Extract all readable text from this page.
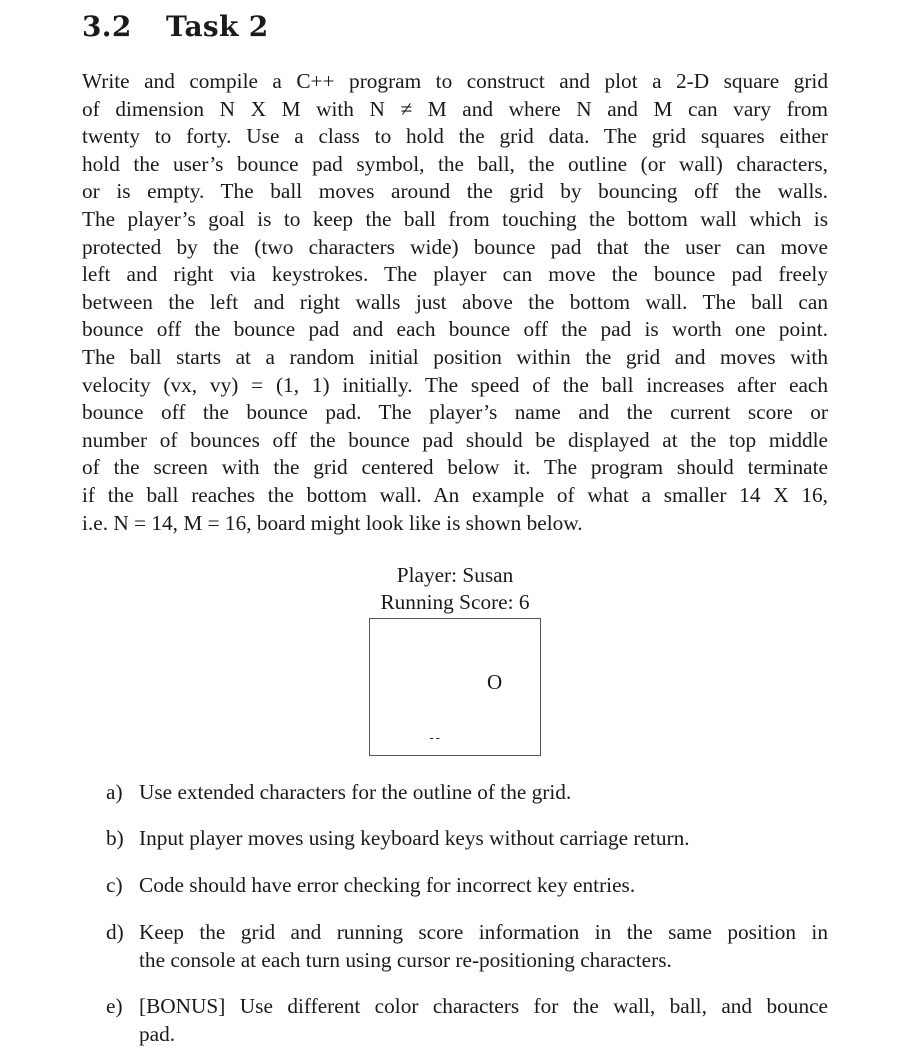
3.2 Task 2
Write and compile a C++ program to construct and plot a 2-D square grid
of dimension N X M with N ≠ M and where N and M can vary from
twenty to forty. Use a class to hold the grid data. The grid squares either
hold the user’s bounce pad symbol, the ball, the outline (or wall) characters,
or is empty. The ball moves around the grid by bouncing off the walls.
The player’s goal is to keep the ball from touching the bottom wall which is
protected by the (two characters wide) bounce pad that the user can move
left and right via keystrokes. The player can move the bounce pad freely
between the left and right walls just above the bottom wall. The ball can
bounce off the bounce pad and each bounce off the pad is worth one point.
The ball starts at a random initial position within the grid and moves with
velocity (vx, vy) = (1, 1) initially. The speed of the ball increases after each
bounce off the bounce pad. The player’s name and the current score or
number of bounces off the bounce pad should be displayed at the top middle
of the screen with the grid centered below it. The program should terminate
if the ball reaches the bottom wall. An example of what a smaller 14 X 16,
i.e. N = 14, M = 16, board might look like is shown below.
Player: Susan
Running Score: 6
O
--
a) Use extended characters for the outline of the grid.
b) Input player moves using keyboard keys without carriage return.
c) Code should have error checking for incorrect key entries.
d) Keep the grid and running score information in the same position in
the console at each turn using cursor re-positioning characters.
e) [BONUS] Use different color characters for the wall, ball, and bounce
pad.
